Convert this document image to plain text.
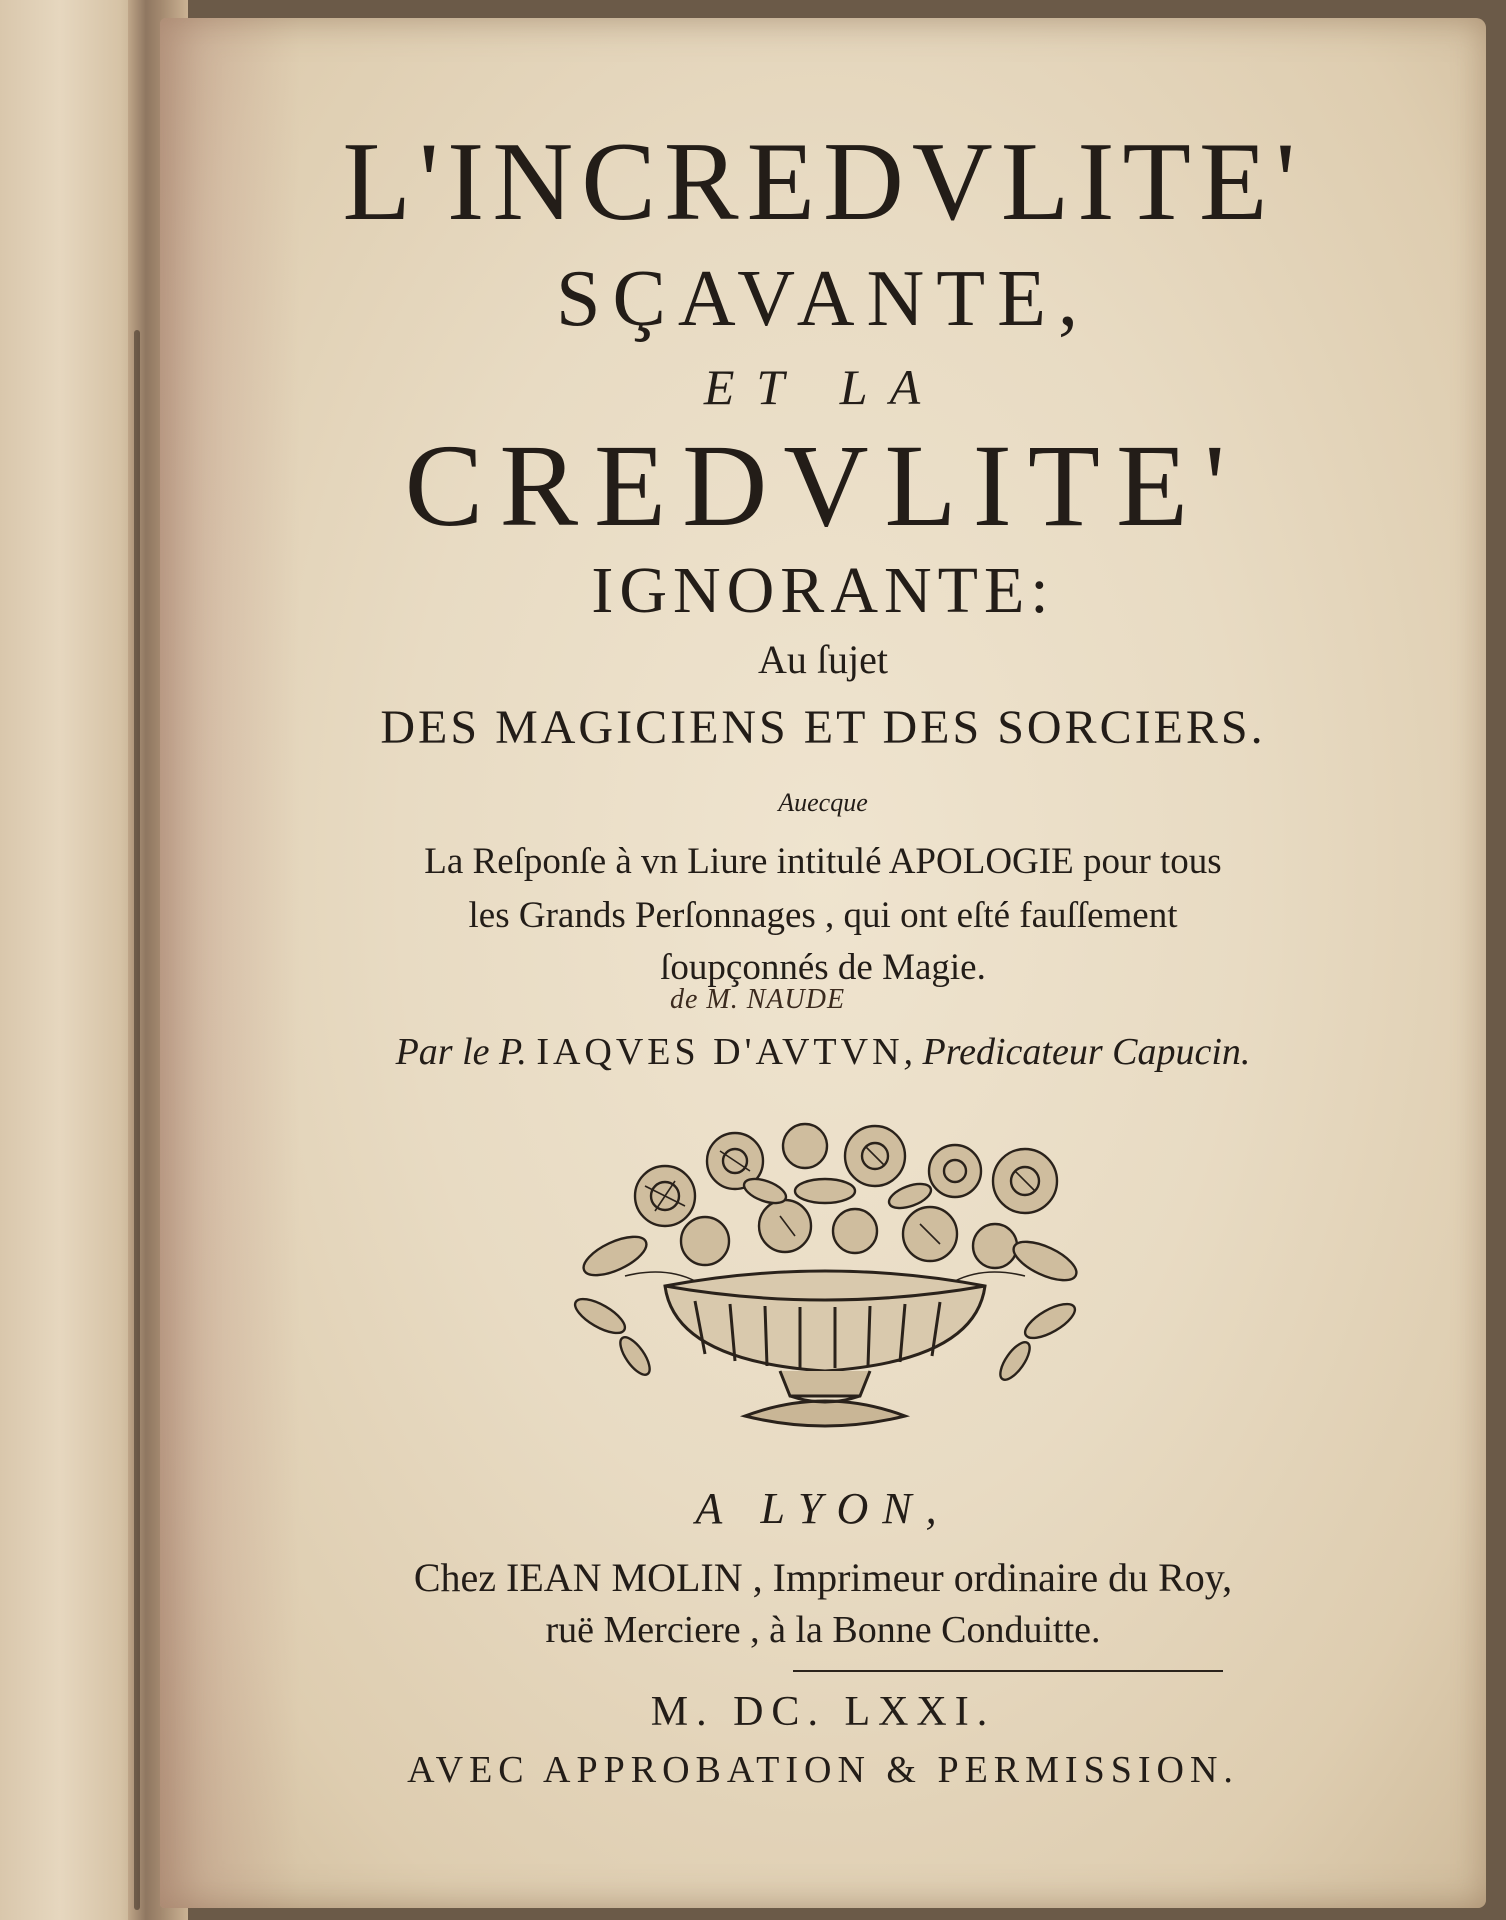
L'INCREDVLITE'
SÇAVANTE,
ET LA
CREDVLITE'
IGNORANTE:
Au ſujet
DES MAGICIENS ET DES SORCIERS.
Auecque
La Reſponſe à vn Liure intitulé APOLOGIE pour tous
les Grands Perſonnages , qui ont eſté fauſſement
ſoupçonnés de Magie.
de M. NAUDE
Par le P. IAQVES D'AVTVN, Predicateur Capucin.
A LYON,
Chez IEAN MOLIN , Imprimeur ordinaire du Roy,
ruë Merciere , à la Bonne Conduitte.
M. DC. LXXI.
AVEC APPROBATION & PERMISSION.
